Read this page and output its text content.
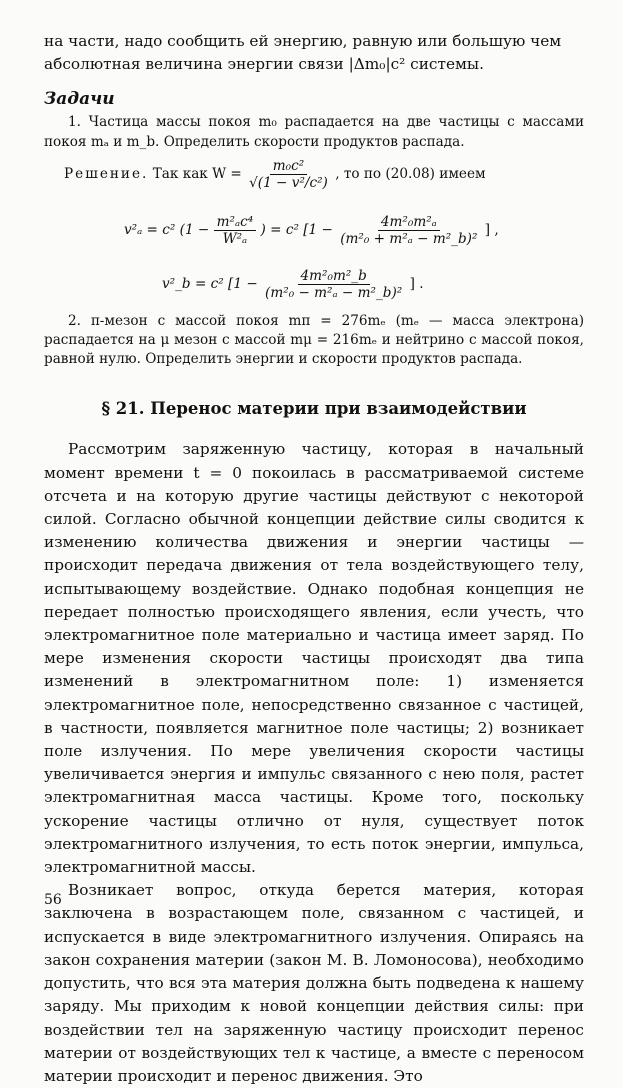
на части, надо сообщить ей энергию, равную или большую чем

абсолютная величина энергии связи |Δm₀|c² системы.

Задачи

1. Частица массы покоя m₀ распадается на две частицы с массами покоя mₐ и m_b. Определить скорости продуктов распада.

Решение. Так как $W = \frac{\text{m₀c²}}{\text{√(1 − v²/c²)}}$ , то по (20.08) имеем
v²ₐ = c² ($1 - \frac{\text{m²ₐc⁴}}{\text{W²ₐ}}$ ) = c² [$1 - \frac{\text{4m²₀m²ₐ}}{\text{(m²₀ + m²ₐ − m²\_b)²}}$ ] ,
v²_b = c² [$1 - \frac{\text{4m²₀m²\_b}}{\text{(m²₀ − m²ₐ − m²\_b)²}}$ ] .

2. π-мезон с массой покоя mπ = 276mₑ (mₑ — масса электрона) распадается на μ мезон с массой mμ = 216mₑ и нейтрино с массой покоя, равной нулю. Определить энергии и скорости продуктов распада.

§ 21. Перенос материи при взаимодействии

Рассмотрим заряженную частицу, которая в начальный момент времени t = 0 покоилась в рассматриваемой системе отсчета и на которую другие частицы действуют с некоторой силой. Согласно обычной концепции действие силы сводится к изменению количества движения и энергии частицы — происходит передача движения от тела воздействующего телу, испытывающему воздействие. Однако подобная концепция не передает полностью происходящего явления, если учесть, что электромагнитное поле материально и частица имеет заряд. По мере изменения скорости частицы происходят два типа изменений в электромагнитном поле: 1) изменяется электромагнитное поле, непосредственно связанное с частицей, в частности, появляется магнитное поле частицы; 2) возникает поле излучения. По мере увеличения скорости частицы увеличивается энергия и импульс связанного с нею поля, растет электромагнитная масса частицы. Кроме того, поскольку ускорение частицы отлично от нуля, существует поток электромагнитного излучения, то есть поток энергии, импульса, электромагнитной массы.

Возникает вопрос, откуда берется материя, которая заключена в возрастающем поле, связанном с частицей, и испускается в виде электромагнитного излучения. Опираясь на закон сохранения материи (закон М. В. Ломоносова), необходимо допустить, что вся эта материя должна быть подведена к нашему заряду. Мы приходим к новой концепции действия силы: при воздействии тел на заряженную частицу происходит перенос материи от воздействующих тел к частице, а вместе с переносом материи происходит и перенос движения. Это

56
